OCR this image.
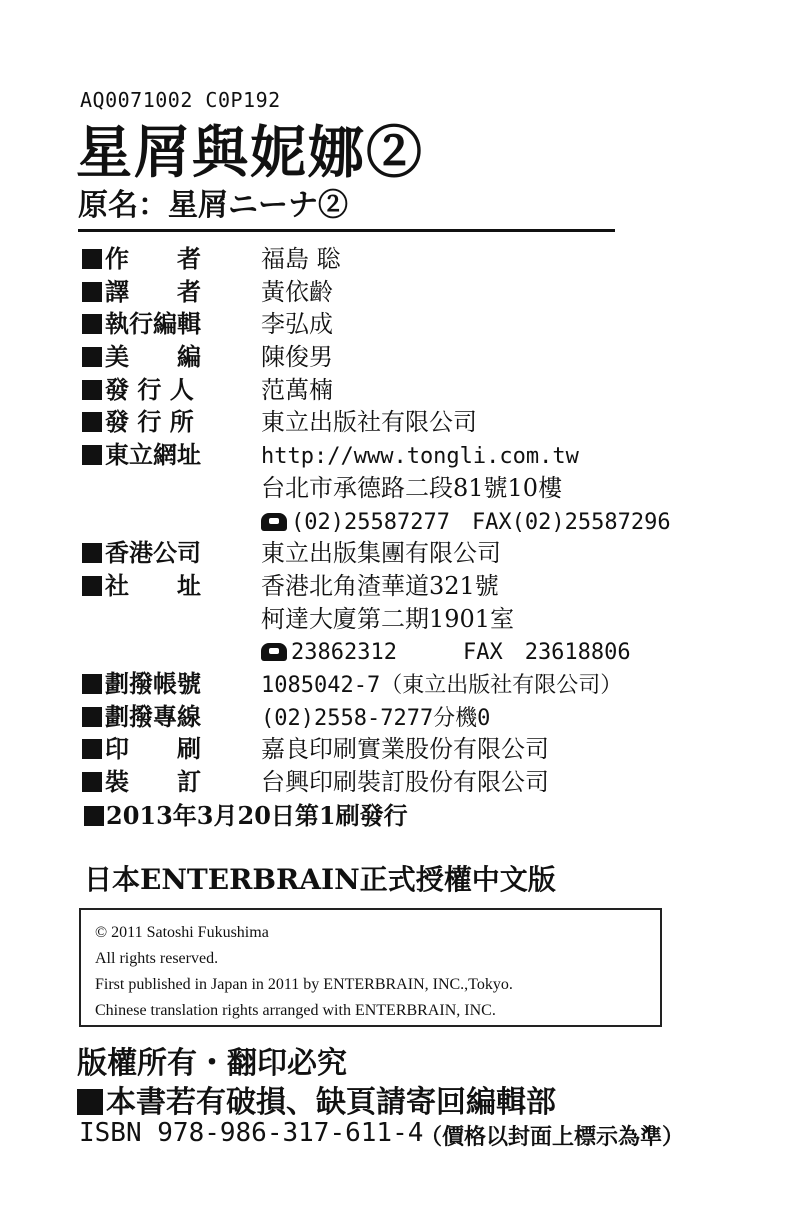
AQ0071002 C0P192
星屑與妮娜②
原名：星屑ニーナ②
作　　者	福島 聡
譯　　者	黃依齡
執行編輯	李弘成
美　　編	陳俊男
發 行 人	范萬楠
發 行 所	東立出版社有限公司
東立網址	http://www.tongli.com.tw
台北市承德路二段81號10樓
(02)25587277　FAX(02)25587296
香港公司	東立出版集團有限公司
社　　址	香港北角渣華道321號
柯達大廈第二期1901室
23862312　　　FAX　23618806
劃撥帳號	1085042-7（東立出版社有限公司）
劃撥專線	(02)2558-7277分機0
印　　刷	嘉良印刷實業股份有限公司
裝　　訂	台興印刷裝訂股份有限公司
2013年3月20日第1刷發行
日本ENTERBRAIN正式授權中文版
© 2011 Satoshi Fukushima
All rights reserved.
First published in Japan in 2011 by ENTERBRAIN, INC.,Tokyo.
Chinese translation rights arranged with ENTERBRAIN, INC.
版權所有・翻印必究
本書若有破損、缺頁請寄回編輯部
ISBN 978-986-317-611-4
（價格以封面上標示為準）
